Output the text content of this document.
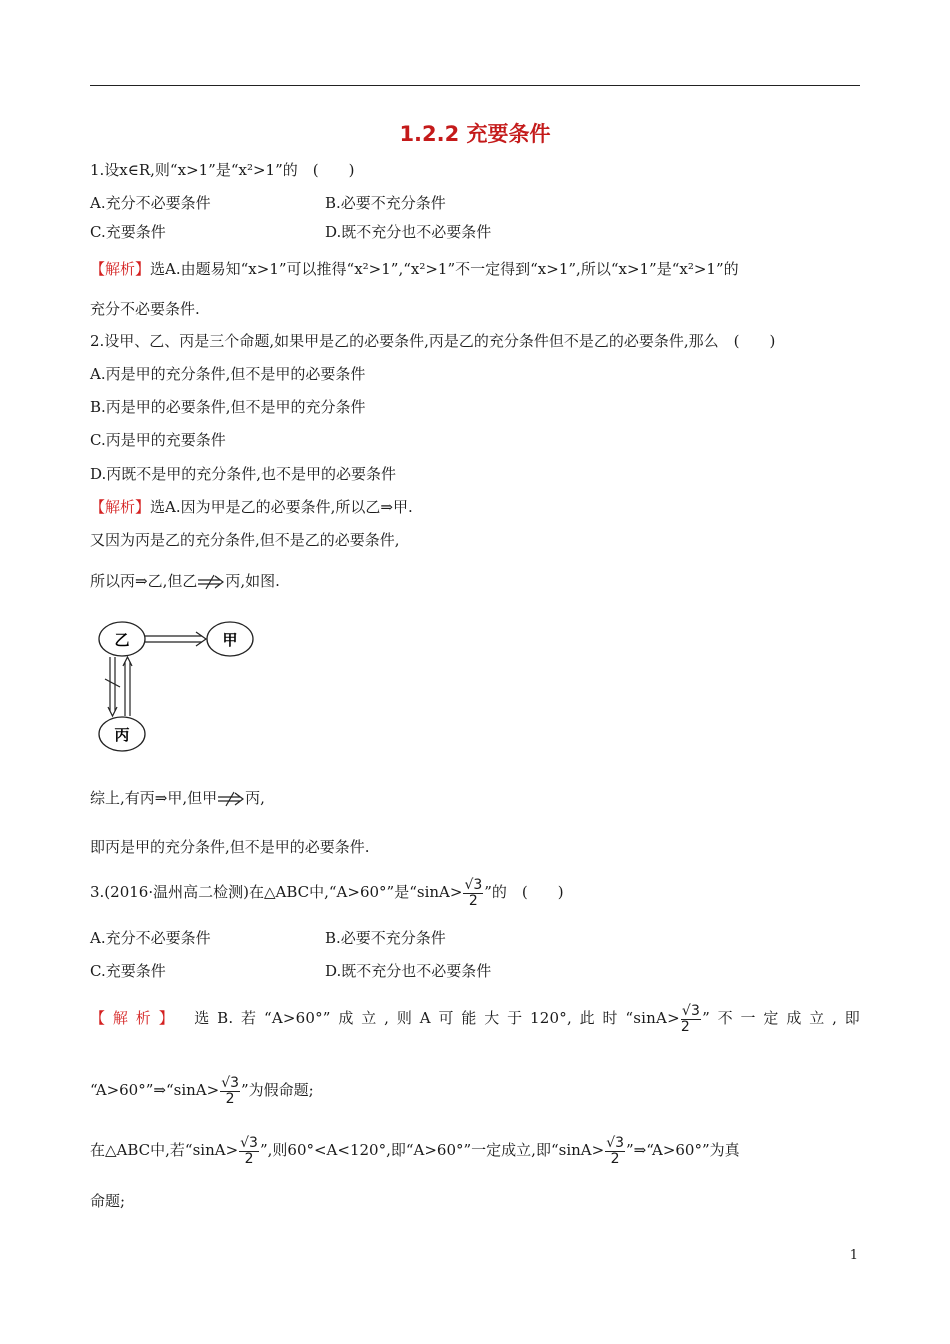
1.2.2 充要条件
1.设x∈R,则“x>1”是“x²>1”的　(　　)
A.充分不必要条件	B.必要不充分条件
C.充要条件	D.既不充分也不必要条件
【解析】选A.由题易知“x>1”可以推得“x²>1”,“x²>1”不一定得到“x>1”,所以“x>1”是“x²>1”的
充分不必要条件.
2.设甲、乙、丙是三个命题,如果甲是乙的必要条件,丙是乙的充分条件但不是乙的必要条件,那么　(　　)
A.丙是甲的充分条件,但不是甲的必要条件
B.丙是甲的必要条件,但不是甲的充分条件
C.丙是甲的充要条件
D.丙既不是甲的充分条件,也不是甲的必要条件
【解析】选A.因为甲是乙的必要条件,所以乙⇒甲.
又因为丙是乙的充分条件,但不是乙的必要条件,
所以丙⇒乙,但乙 丙,如图.
乙	甲
丙
综上,有丙⇒甲,但甲 丙,
即丙是甲的充分条件,但不是甲的必要条件.
3.(2016·温州高二检测)在△ABC中,“A>60°”是“$\sin A> \frac{√3}{2}$ ”的　(　　)
A.充分不必要条件	B.必要不充分条件
C.充要条件	D.既不充分也不必要条件
【解析】 选B.若“A>60°”成立,则A可能大于120°,此时“$\sin A> \frac{√3}{2}$ ”不一定成立,即
“A>60°”⇒“sinA> $\frac{√3}{2}$ ”为假命题;
在△ABC中,若“$\sin A> \frac{√3}{2}$ ”,则60°<A<120°,即“A>60°”一定成立,即“$\sin A> \frac{√3}{2}$ ”⇒“A>60°”为真
命题;
1
